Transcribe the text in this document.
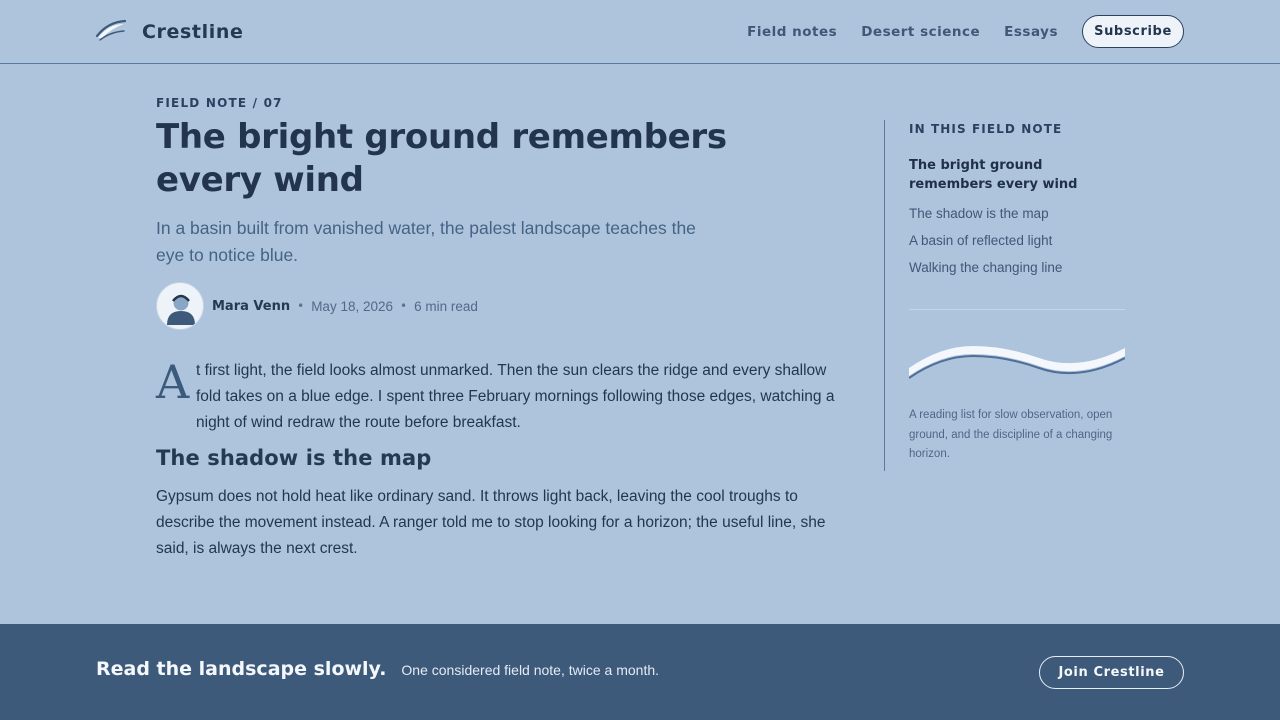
Crestline	Field notes Desert science Essays	Subscribe
FIELD NOTE / 07
The bright ground remembers every wind

In a basin built from vanished water, the palest landscape teaches the eye to notice blue.

Mara Venn • May 18, 2026 • 6 min read
A t first light, the field looks almost unmarked. Then the sun clears the ridge and every shallow fold takes on a blue edge. I spent three February mornings following those edges, watching a night of wind redraw the route before breakfast.
The shadow is the map

Gypsum does not hold heat like ordinary sand. It throws light back, leaving the cool troughs to describe the movement instead. A ranger told me to stop looking for a horizon; the useful line, she said, is always the next crest.

IN THIS FIELD NOTE
The bright ground remembers every wind
The shadow is the map
A basin of reflected light
Walking the changing line

A reading list for slow observation, open ground, and the discipline of a changing horizon.

Read the landscape slowly. One considered field note, twice a month.	Join Crestline
